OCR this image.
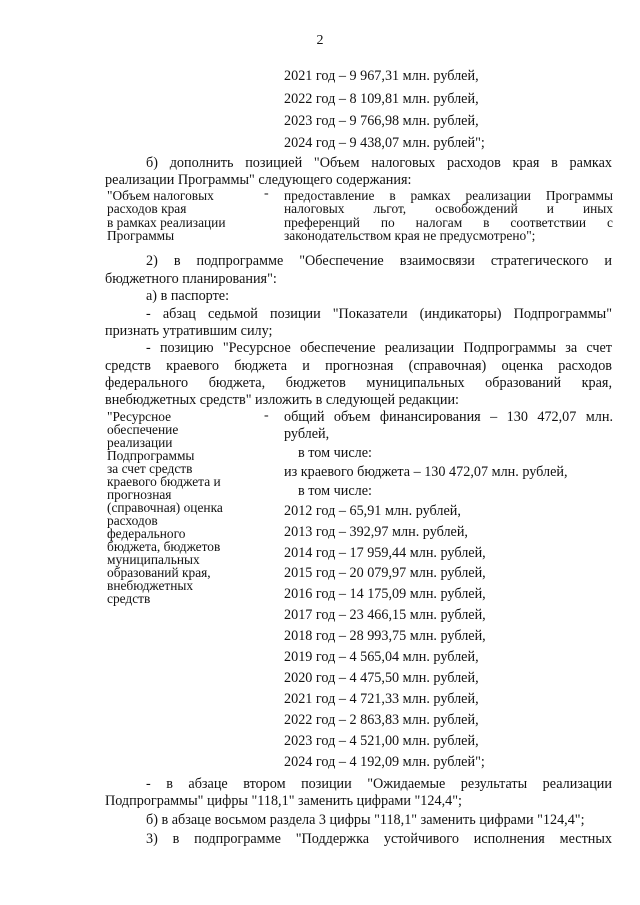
2
2021 год – 9 967,31 млн. рублей,
2022 год – 8 109,81 млн. рублей,
2023 год – 9 766,98 млн. рублей,
2024 год – 9 438,07 млн. рублей";
б) дополнить позицией "Объем налоговых расходов края в рамках
реализации Программы" следующего содержания:
"Объем налоговых
расходов края
в рамках реализации
Программы
- предоставление в рамках реализации Программы
налоговых льгот, освобождений и иных
преференций по налогам в соответствии с
законодательством края не предусмотрено";
2) в подпрограмме "Обеспечение взаимосвязи стратегического и
бюджетного планирования":
а) в паспорте:
- абзац седьмой позиции "Показатели (индикаторы) Подпрограммы"
признать утратившим силу;
- позицию "Ресурсное обеспечение реализации Подпрограммы за счет
средств краевого бюджета и прогнозная (справочная) оценка расходов
федерального бюджета, бюджетов муниципальных образований края,
внебюджетных средств" изложить в следующей редакции:
"Ресурсное
обеспечение
реализации
Подпрограммы
за счет средств
краевого бюджета и
прогнозная
(справочная) оценка
расходов
федерального
бюджета, бюджетов
муниципальных
образований края,
внебюджетных
средств
- общий объем финансирования – 130 472,07 млн.
рублей,
в том числе:
из краевого бюджета – 130 472,07 млн. рублей,
в том числе:
2012 год – 65,91 млн. рублей,
2013 год – 392,97 млн. рублей,
2014 год – 17 959,44 млн. рублей,
2015 год – 20 079,97 млн. рублей,
2016 год – 14 175,09 млн. рублей,
2017 год – 23 466,15 млн. рублей,
2018 год – 28 993,75 млн. рублей,
2019 год – 4 565,04 млн. рублей,
2020 год – 4 475,50 млн. рублей,
2021 год – 4 721,33 млн. рублей,
2022 год – 2 863,83 млн. рублей,
2023 год – 4 521,00 млн. рублей,
2024 год – 4 192,09 млн. рублей";
- в абзаце втором позиции "Ожидаемые результаты реализации
Подпрограммы" цифры "118,1" заменить цифрами "124,4";
б) в абзаце восьмом раздела 3 цифры "118,1" заменить цифрами "124,4";
3) в подпрограмме "Поддержка устойчивого исполнения местных
